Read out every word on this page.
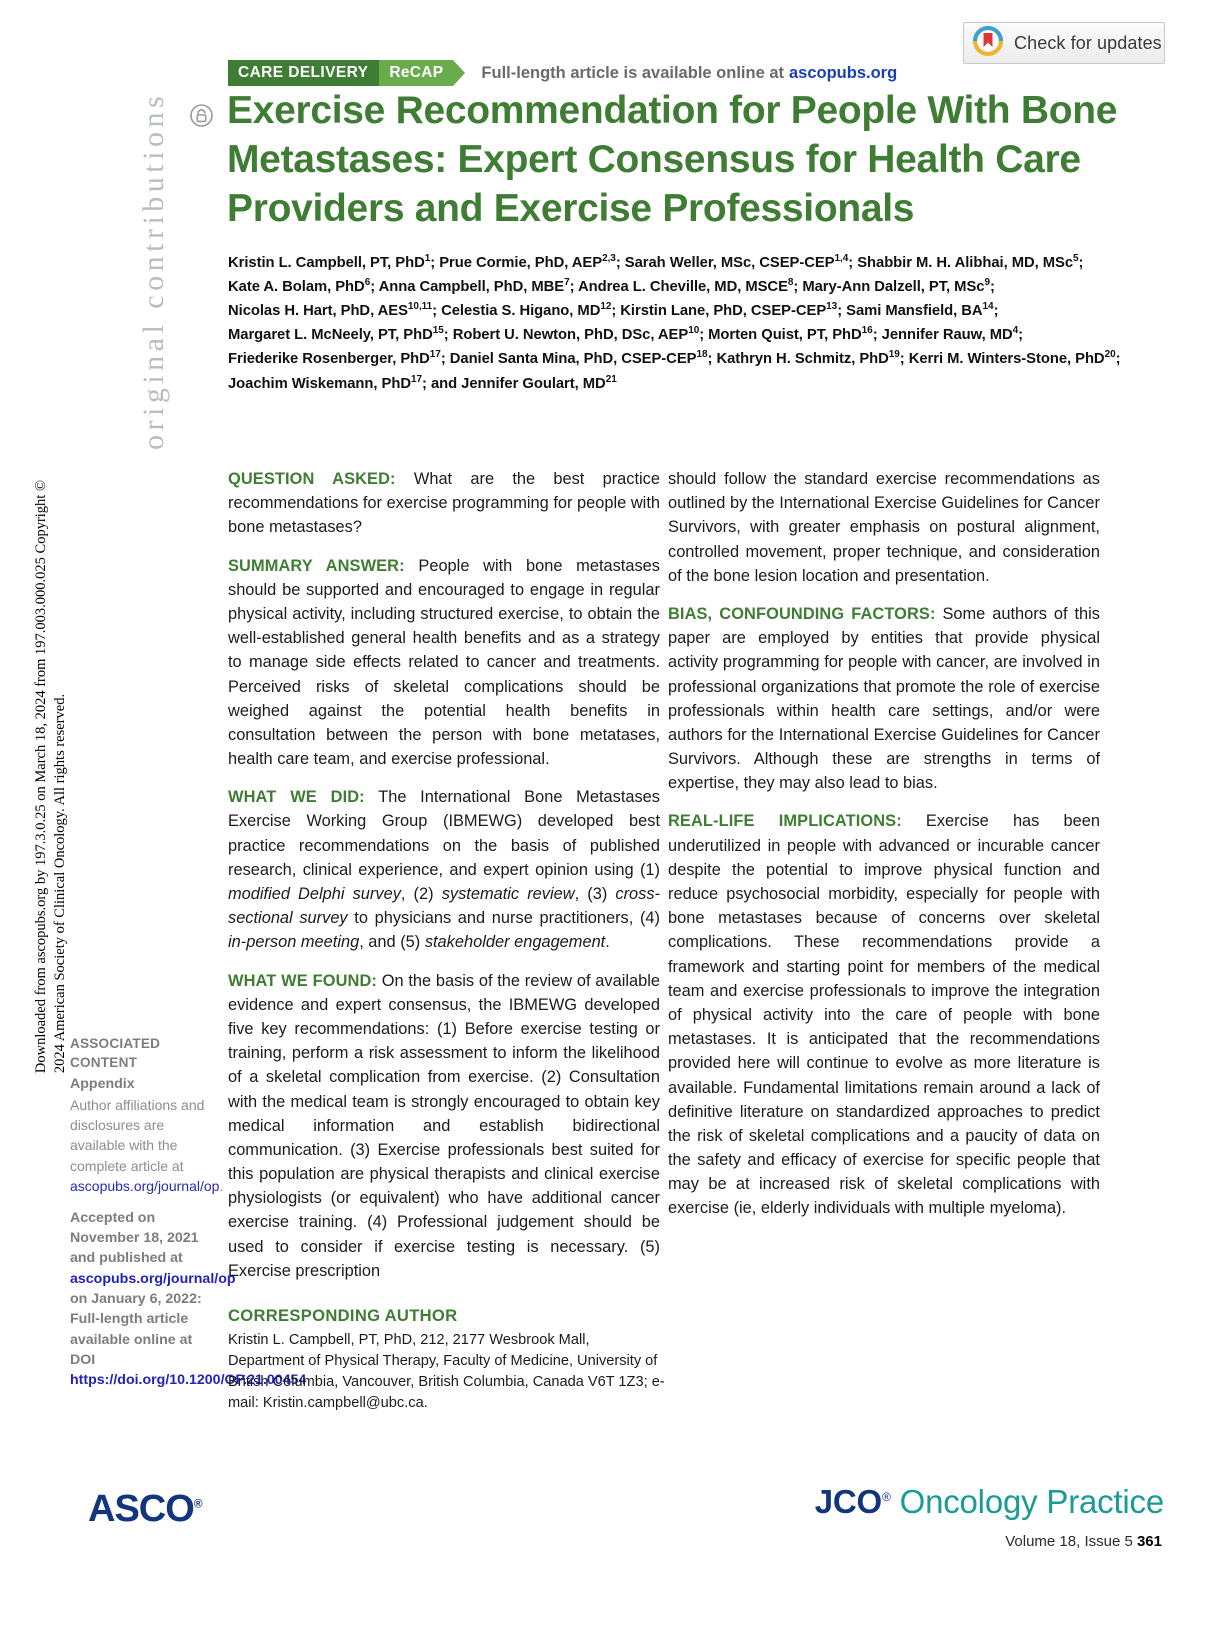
Check for updates
Downloaded from ascopubs.org by 197.3.0.25 on March 18, 2024 from 197.003.000.025 Copyright © 2024 American Society of Clinical Oncology. All rights reserved.
original contributions
CARE DELIVERY	ReCAP	Full-length article is available online at ascopubs.org
Exercise Recommendation for People With Bone Metastases: Expert Consensus for Health Care Providers and Exercise Professionals
Kristin L. Campbell, PT, PhD$^1$; Prue Cormie, PhD, AEP$^{2,3}$; Sarah Weller, MSc, CSEP-CEP$^{1,4}$; Shabbir M. H. Alibhai, MD, MSc$^5$;
Kate A. Bolam, PhD$^6$; Anna Campbell, PhD, MBE$^7$; Andrea L. Cheville, MD, MSCE$^8$; Mary-Ann Dalzell, PT, MSc$^9$;
Nicolas H. Hart, PhD, AES$^{10,11}$; Celestia S. Higano, MD$^{12}$; Kirstin Lane, PhD, CSEP-CEP$^{13}$; Sami Mansfield, BA$^{14}$;
Margaret L. McNeely, PT, PhD$^{15}$; Robert U. Newton, PhD, DSc, AEP$^{10}$; Morten Quist, PT, PhD$^{16}$; Jennifer Rauw, $MD^4$;
Friederike Rosenberger, PhD$^{17}$; Daniel Santa Mina, PhD, CSEP-CEP$^{18}$; Kathryn H. Schmitz, PhD$^{19}$; Kerri M. Winters-Stone, PhD$^{20}$;
Joachim Wiskemann, PhD$^{17}$; and Jennifer Goulart, MD$^{21}$
ASSOCIATED
CONTENT
Appendix

Author affiliations and disclosures are available with the complete article at ascopubs.org/journal/op.

Accepted on November 18, 2021 and published at ascopubs.org/journal/op on January 6, 2022: Full-length article available online at DOI https://doi.org/10.1200/OP.21.00454

QUESTION ASKED: What are the best practice recommendations for exercise programming for people with bone metastases?

SUMMARY ANSWER: People with bone metastases should be supported and encouraged to engage in regular physical activity, including structured exercise, to obtain the well-established general health benefits and as a strategy to manage side effects related to cancer and treatments. Perceived risks of skeletal complications should be weighed against the potential health benefits in consultation between the person with bone metatases, health care team, and exercise professional.

WHAT WE DID: The International Bone Metastases Exercise Working Group (IBMEWG) developed best practice recommendations on the basis of published research, clinical experience, and expert opinion using (1) modified Delphi survey, (2) systematic review, (3) cross-sectional survey to physicians and nurse practitioners, (4) in-person meeting, and (5) stakeholder engagement.

WHAT WE FOUND: On the basis of the review of available evidence and expert consensus, the IBMEWG developed five key recommendations: (1) Before exercise testing or training, perform a risk assessment to inform the likelihood of a skeletal complication from exercise. (2) Consultation with the medical team is strongly encouraged to obtain key medical information and establish bidirectional communication. (3) Exercise professionals best suited for this population are physical therapists and clinical exercise physiologists (or equivalent) who have additional cancer exercise training. (4) Professional judgement should be used to consider if exercise testing is necessary. (5) Exercise prescription

should follow the standard exercise recommendations as outlined by the International Exercise Guidelines for Cancer Survivors, with greater emphasis on postural alignment, controlled movement, proper technique, and consideration of the bone lesion location and presentation.

BIAS, CONFOUNDING FACTORS: Some authors of this paper are employed by entities that provide physical activity programming for people with cancer, are involved in professional organizations that promote the role of exercise professionals within health care settings, and/or were authors for the International Exercise Guidelines for Cancer Survivors. Although these are strengths in terms of expertise, they may also lead to bias.

REAL-LIFE IMPLICATIONS: Exercise has been underutilized in people with advanced or incurable cancer despite the potential to improve physical function and reduce psychosocial morbidity, especially for people with bone metastases because of concerns over skeletal complications. These recommendations provide a framework and starting point for members of the medical team and exercise professionals to improve the integration of physical activity into the care of people with bone metastases. It is anticipated that the recommendations provided here will continue to evolve as more literature is available. Fundamental limitations remain around a lack of definitive literature on standardized approaches to predict the risk of skeletal complications and a paucity of data on the safety and efficacy of exercise for specific people that may be at increased risk of skeletal complications with exercise (ie, elderly individuals with multiple myeloma).

CORRESPONDING AUTHOR
Kristin L. Campbell, PT, PhD, 212, 2177 Wesbrook Mall, Department of Physical Therapy, Faculty of Medicine, University of British Columbia, Vancouver, British Columbia, Canada V6T 1Z3; e-mail: Kristin.campbell@ubc.ca.
ASCO®	JCO® Oncology Practice
Volume 18, Issue 5 361
